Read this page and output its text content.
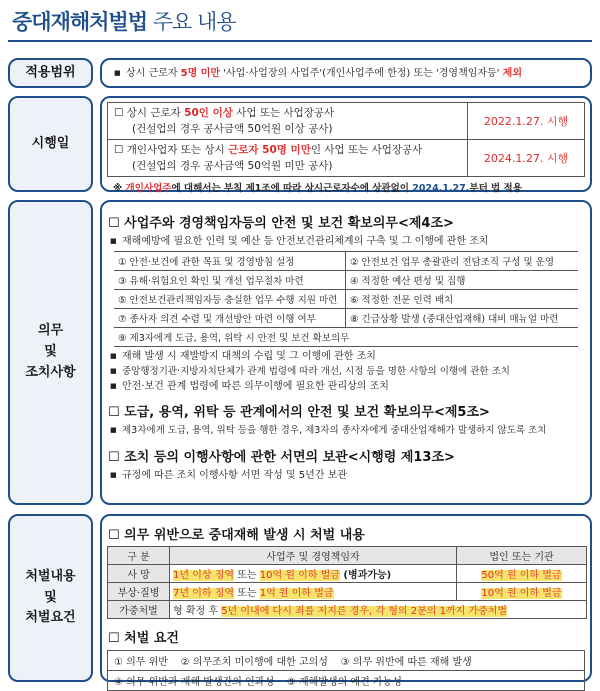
중대재해처벌법 주요 내용
적용범위	■ 상시 근로자 5명 미만 '사업·사업장의 사업주'(개인사업주에 한정) 또는 '경영책임자등' 제외
시행일
☐ 상시 근로자 50인 이상 사업 또는 사업장공사
(건설업의 경우 공사금액 50억원 이상 공사)
2022.1.27. 시행
☐ 개인사업자 또는 상시 근로자 50명 미만인 사업 또는 사업장공사
(건설업의 경우 공사금액 50억원 미만 공사)
2024.1.27. 시행
※ 개인사업주에 대해서는 부칙 제1조에 따라 상시근로자수에 상관없이 2024.1.27.부터 법 적용
의무
및
조치사항
☐ 사업주와 경영책임자등의 안전 및 보건 확보의무<제4조>
■ 재해예방에 필요한 인력 및 예산 등 안전보건관리체계의 구축 및 그 이행에 관한 조치
① 안전·보건에 관한 목표 및 경영방침 설정	② 안전보건 업무 총괄관리 전담조직 구성 및 운영
③ 유해·위험요인 확인 및 개선 업무절차 마련	④ 적정한 예산 편성 및 집행
⑤ 안전보건관리책임자등 충실한 업무 수행 지원 마련	⑥ 적정한 전문 인력 배치
⑦ 종사자 의견 수렴 및 개선방안 마련 이행 여부	⑧ 긴급상황 발생 (중대산업재해) 대비 매뉴얼 마련
⑨ 제3자에게 도급, 용역, 위탁 시 안전 및 보건 확보의무
■ 재해 발생 시 재발방지 대책의 수립 및 그 이행에 관한 조치
■ 중앙행정기관·지방자치단체가 관계 법령에 따라 개선, 시정 등을 명한 사항의 이행에 관한 조치
■ 안전·보건 관계 법령에 따른 의무이행에 필요한 관리상의 조치
☐ 도급, 용역, 위탁 등 관계에서의 안전 및 보건 확보의무<제5조>
■ 제3자에게 도급, 용역, 위탁 등을 행한 경우, 제3자의 종사자에게 중대산업재해가 발생하지 않도록 조치
☐ 조치 등의 이행사항에 관한 서면의 보관<시행령 제13조>
■ 규정에 따른 조치 이행사항 서면 작성 및 5년간 보관
처벌내용
및
처벌요건
☐ 의무 위반으로 중대재해 발생 시 처벌 내용
구 분	사업주 및 경영책임자	법인 또는 기관
사 망	1년 이상 징역 또는 10억 원 이하 벌금 (병과가능)	50억 원 이하 벌금
부상·질병	7년 이하 징역 또는 1억 원 이하 벌금	10억 원 이하 벌금
가중처벌	형 확정 후 5년 이내에 다시 죄를 저지른 경우, 각 형의 2분의 1까지 가중처벌	
☐ 처벌 요건
① 의무 위반    ② 의무조치 미이행에 대한 고의성    ③ 의무 위반에 따른 재해 발생
④ 의무 위반과 재해 발생간의 인과성    ⑤ 재해발생의 예견 가능성
